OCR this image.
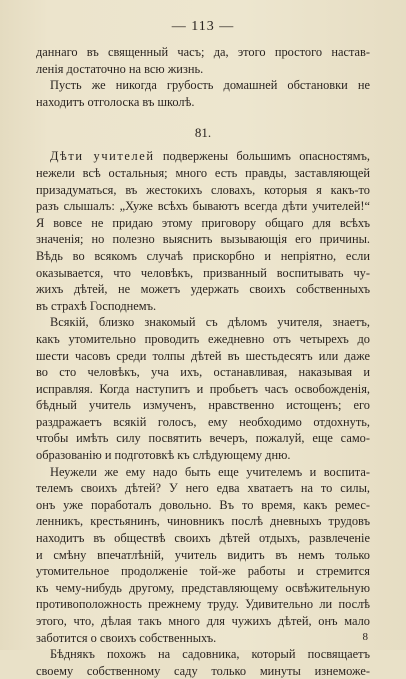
— 113 —
даннаго въ священный часъ; да, этого простого настав-
ленія достаточно на всю жизнь.
Пусть же никогда грубость домашней обстановки не
находитъ отголоска въ школѣ.
81.
Дѣти учителей подвержены большимъ опасностямъ,
нежели всѣ остальныя; много есть правды, заставляющей
призадуматься, въ жестокихъ словахъ, которыя я какъ-то
разъ слышалъ: „Хуже всѣхъ бываютъ всегда дѣти учителей!“
Я вовсе не придаю этому приговору общаго для всѣхъ
значенія; но полезно выяснить вызывающія его причины.
Вѣдь во всякомъ случаѣ прискорбно и непріятно, если
оказывается, что человѣкъ, призванный воспитывать чу-
жихъ дѣтей, не можетъ удержать своихъ собственныхъ
въ страхѣ Господнемъ.
Всякій, близко знакомый съ дѣломъ учителя, знаетъ,
какъ утомительно проводить ежедневно отъ четырехъ до
шести часовъ среди толпы дѣтей въ шестьдесятъ или даже
во сто человѣкъ, уча ихъ, останавливая, наказывая и
исправляя. Когда наступитъ и пробьетъ часъ освобожденія,
бѣдный учитель измученъ, нравственно истощенъ; его
раздражаетъ всякій голосъ, ему необходимо отдохнуть,
чтобы имѣть силу посвятить вечеръ, пожалуй, еще само-
образованію и подготовкѣ къ слѣдующему дню.
Неужели же ему надо быть еще учителемъ и воспита-
телемъ своихъ дѣтей? У него едва хватаетъ на то силы,
онъ уже поработалъ довольно. Въ то время, какъ ремес-
ленникъ, крестьянинъ, чиновникъ послѣ дневныхъ трудовъ
находитъ въ обществѣ своихъ дѣтей отдыхъ, развлеченіе
и смѣну впечатлѣній, учитель видитъ въ немъ только
утомительное продолженіе той-же работы и стремится
къ чему-нибудь другому, представляющему освѣжительную
противоположность прежнему труду. Удивительно ли послѣ
этого, что, дѣлая такъ много для чужихъ дѣтей, онъ мало
заботится о своихъ собственныхъ.
Бѣднякъ похожъ на садовника, который посвящаетъ
своему собственному саду только минуты изнеможе-
8
